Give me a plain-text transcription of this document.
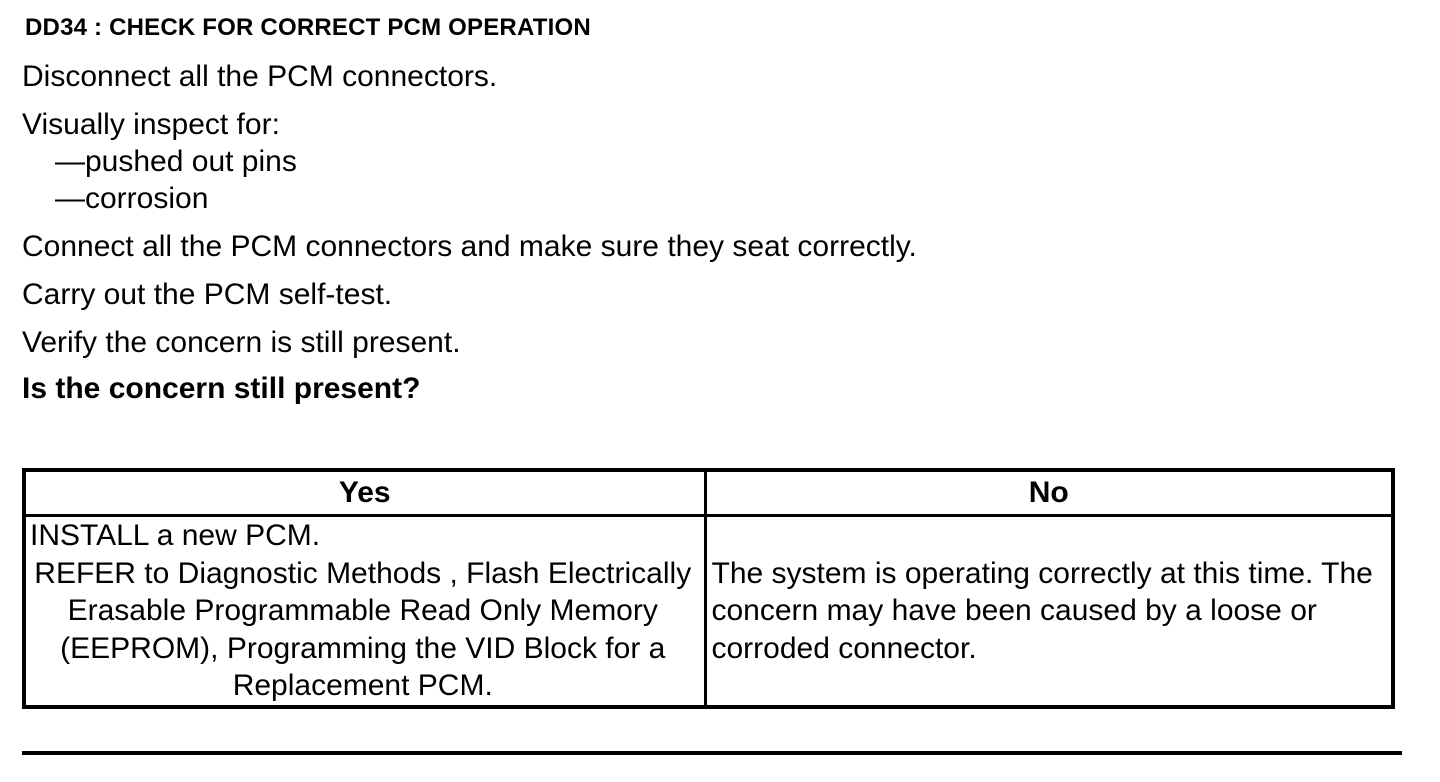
DD34 : CHECK FOR CORRECT PCM OPERATION
Disconnect all the PCM connectors.
Visually inspect for:
—pushed out pins
—corrosion
Connect all the PCM connectors and make sure they seat correctly.
Carry out the PCM self-test.
Verify the concern is still present.
Is the concern still present?
Yes	No

INSTALL a new PCM.
REFER to Diagnostic Methods , Flash Electrically Erasable Programmable Read Only Memory (EEPROM), Programming the VID Block for a Replacement PCM.	The system is operating correctly at this time. The concern may have been caused by a loose or corroded connector.
